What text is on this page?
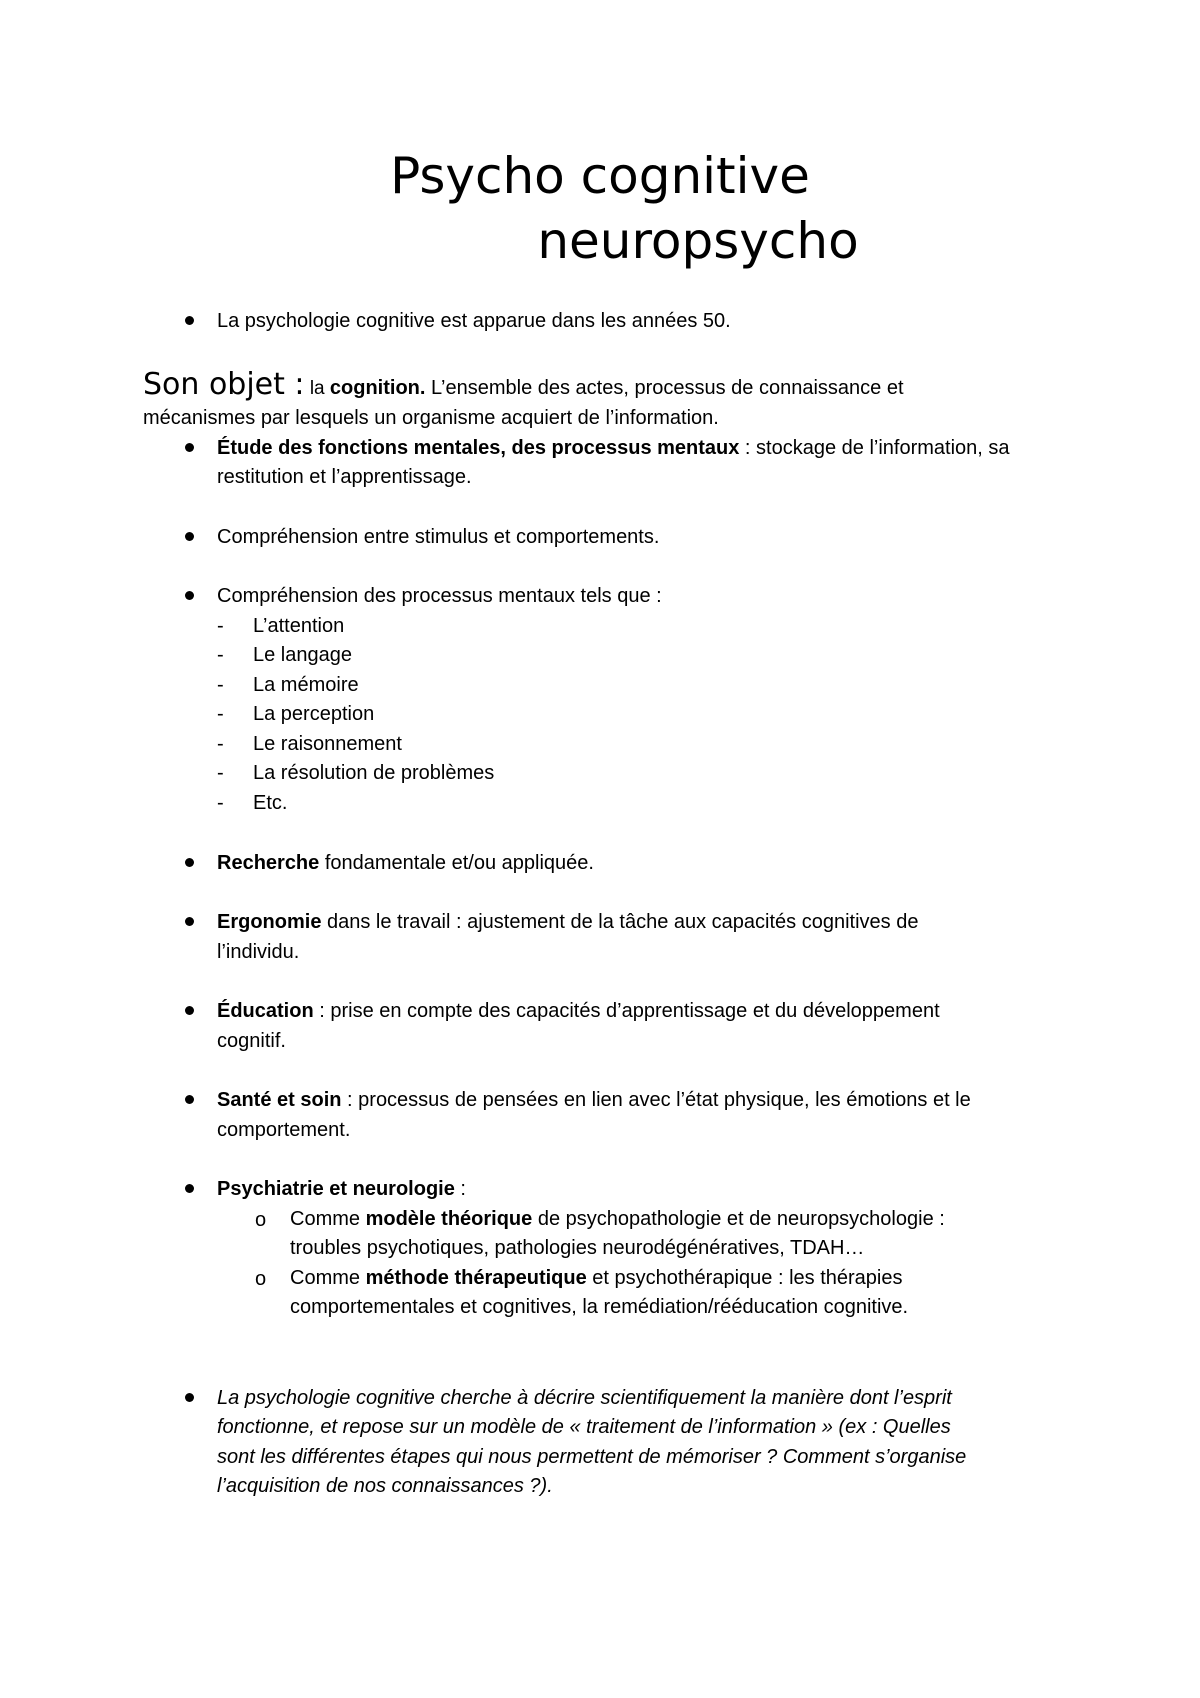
Psycho cognitive
neuropsycho
La psychologie cognitive est apparue dans les années 50.
Son objet : la cognition. L’ensemble des actes, processus de connaissance et
mécanismes par lesquels un organisme acquiert de l’information.
Étude des fonctions mentales, des processus mentaux : stockage de l’information, sa
restitution et l’apprentissage.
Compréhension entre stimulus et comportements.
Compréhension des processus mentaux tels que :
- L’attention
- Le langage
- La mémoire
- La perception
- Le raisonnement
- La résolution de problèmes
- Etc.
Recherche fondamentale et/ou appliquée.
Ergonomie dans le travail : ajustement de la tâche aux capacités cognitives de
l’individu.
Éducation : prise en compte des capacités d’apprentissage et du développement
cognitif.
Santé et soin : processus de pensées en lien avec l’état physique, les émotions et le
comportement.
Psychiatrie et neurologie :
o Comme modèle théorique de psychopathologie et de neuropsychologie :
troubles psychotiques, pathologies neurodégénératives, TDAH…
o Comme méthode thérapeutique et psychothérapique : les thérapies
comportementales et cognitives, la remédiation/rééducation cognitive.
La psychologie cognitive cherche à décrire scientifiquement la manière dont l’esprit
fonctionne, et repose sur un modèle de « traitement de l’information » (ex : Quelles
sont les différentes étapes qui nous permettent de mémoriser ? Comment s’organise
l’acquisition de nos connaissances ?).
